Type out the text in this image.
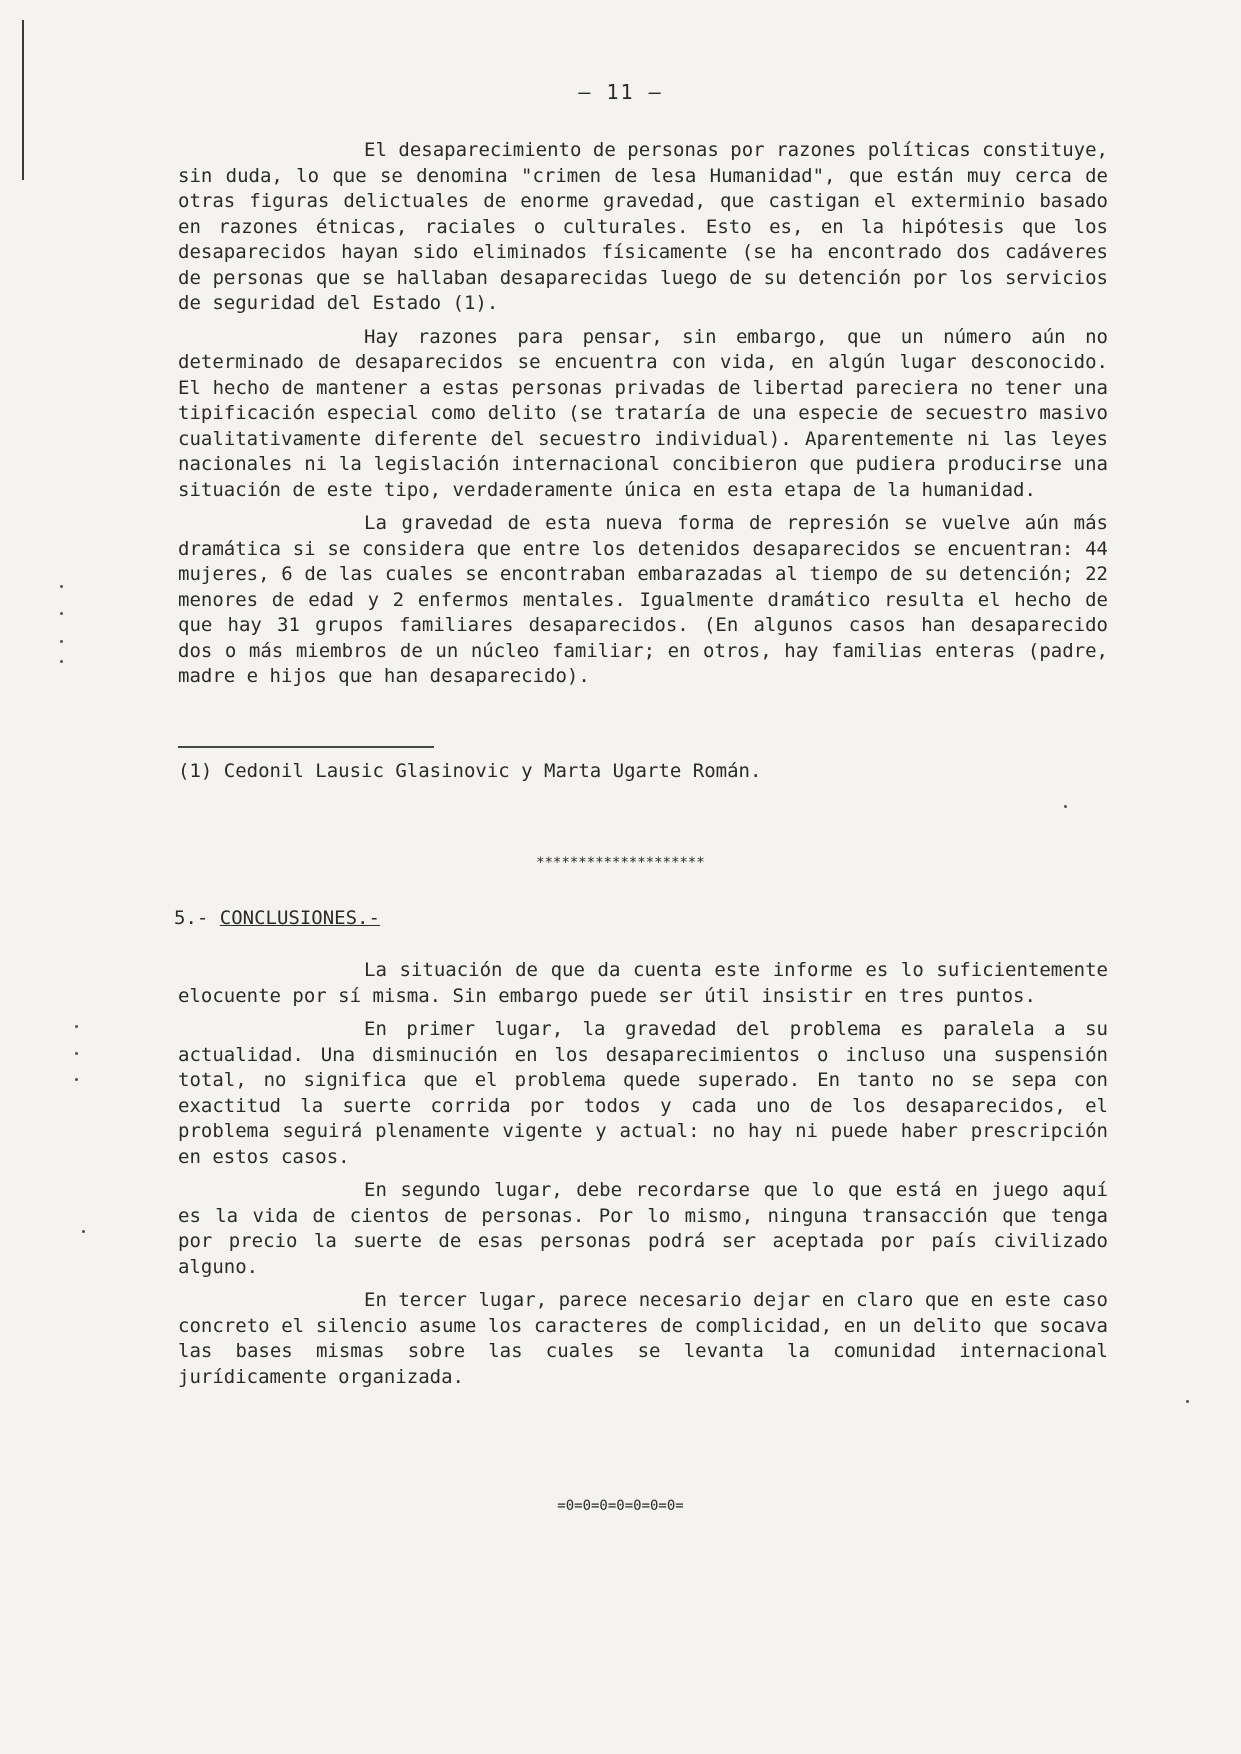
— 11 —

El desaparecimiento de personas por razones políticas constituye, sin duda, lo que se denomina "crimen de lesa Humanidad", que están muy cerca de otras figuras delictuales de enorme gravedad, que castigan el exterminio basado en razones étnicas, raciales o culturales. Esto es, en la hipótesis que los desaparecidos hayan sido eliminados físicamente (se ha encontrado dos cadáveres de personas que se hallaban desaparecidas luego de su detención por los servicios de seguridad del Estado (1).

Hay razones para pensar, sin embargo, que un número aún no determinado de desaparecidos se encuentra con vida, en algún lugar desconocido. El hecho de mantener a estas personas privadas de libertad pareciera no tener una tipificación especial como delito (se trataría de una especie de secuestro masivo cualitativamente diferente del secuestro individual). Aparentemente ni las leyes nacionales ni la legislación internacional concibieron que pudiera producirse una situación de este tipo, verdaderamente única en esta etapa de la humanidad.

La gravedad de esta nueva forma de represión se vuelve aún más dramática si se considera que entre los detenidos desaparecidos se encuentran: 44 mujeres, 6 de las cuales se encontraban embarazadas al tiempo de su detención; 22 menores de edad y 2 enfermos mentales. Igualmente dramático resulta el hecho de que hay 31 grupos familiares desaparecidos. (En algunos casos han desaparecido dos o más miembros de un núcleo familiar; en otros, hay familias enteras (padre, madre e hijos que han desaparecido).

(1) Cedonil Lausic Glasinovic y Marta Ugarte Román.
∗∗∗∗∗∗∗∗∗∗∗∗∗∗∗∗∗∗∗∗
5.- CONCLUSIONES.-

La situación de que da cuenta este informe es lo suficientemente elocuente por sí misma. Sin embargo puede ser útil insistir en tres puntos.

En primer lugar, la gravedad del problema es paralela a su actualidad. Una disminución en los desaparecimientos o incluso una suspensión total, no significa que el problema quede superado. En tanto no se sepa con exactitud la suerte corrida por todos y cada uno de los desaparecidos, el problema seguirá plenamente vigente y actual: no hay ni puede haber prescripción en estos casos.

En segundo lugar, debe recordarse que lo que está en juego aquí es la vida de cientos de personas. Por lo mismo, ninguna transacción que tenga por precio la suerte de esas personas podrá ser aceptada por país civilizado alguno.

En tercer lugar, parece necesario dejar en claro que en este caso concreto el silencio asume los caracteres de complicidad, en un delito que socava las bases mismas sobre las cuales se levanta la comunidad internacional jurídicamente organizada.

=0=0=0=0=0=0=0=
